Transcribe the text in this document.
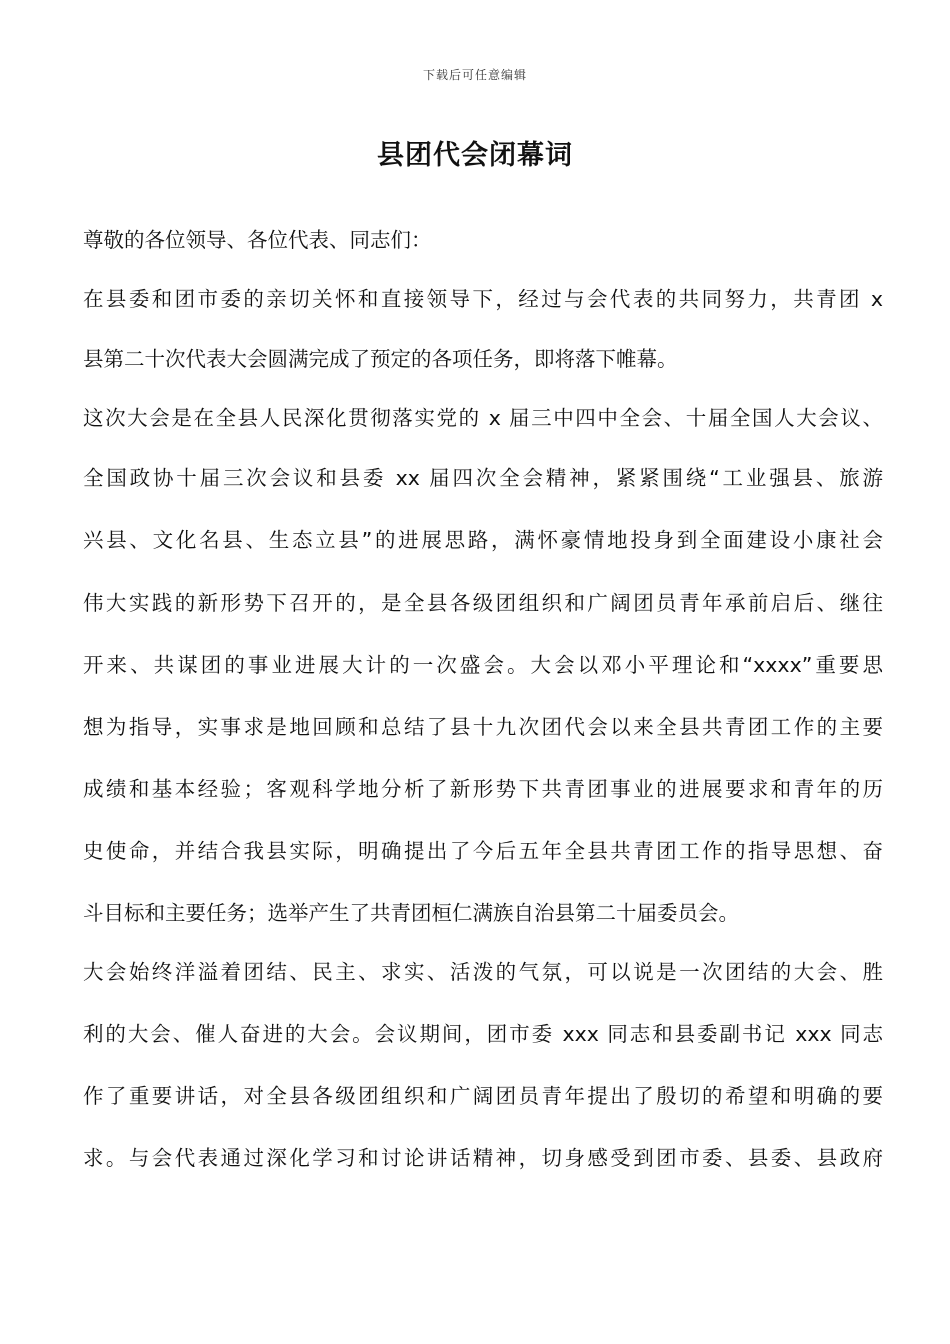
下载后可任意编辑
县团代会闭幕词
尊敬的各位领导、各位代表、同志们：
在县委和团市委的亲切关怀和直接领导下，经过与会代表的共同努力，共青团 x
县第二十次代表大会圆满完成了预定的各项任务，即将落下帷幕。
这次大会是在全县人民深化贯彻落实党的 x 届三中四中全会、十届全国人大会议、
全国政协十届三次会议和县委 xx 届四次全会精神，紧紧围绕“工业强县、旅游
兴县、文化名县、生态立县”的进展思路，满怀豪情地投身到全面建设小康社会
伟大实践的新形势下召开的，是全县各级团组织和广阔团员青年承前启后、继往
开来、共谋团的事业进展大计的一次盛会。大会以邓小平理论和“xxxx”重要思
想为指导，实事求是地回顾和总结了县十九次团代会以来全县共青团工作的主要
成绩和基本经验；客观科学地分析了新形势下共青团事业的进展要求和青年的历
史使命，并结合我县实际，明确提出了今后五年全县共青团工作的指导思想、奋
斗目标和主要任务；选举产生了共青团桓仁满族自治县第二十届委员会。
大会始终洋溢着团结、民主、求实、活泼的气氛，可以说是一次团结的大会、胜
利的大会、催人奋进的大会。会议期间，团市委 xxx 同志和县委副书记 xxx 同志
作了重要讲话，对全县各级团组织和广阔团员青年提出了殷切的希望和明确的要
求。与会代表通过深化学习和讨论讲话精神，切身感受到团市委、县委、县政府
